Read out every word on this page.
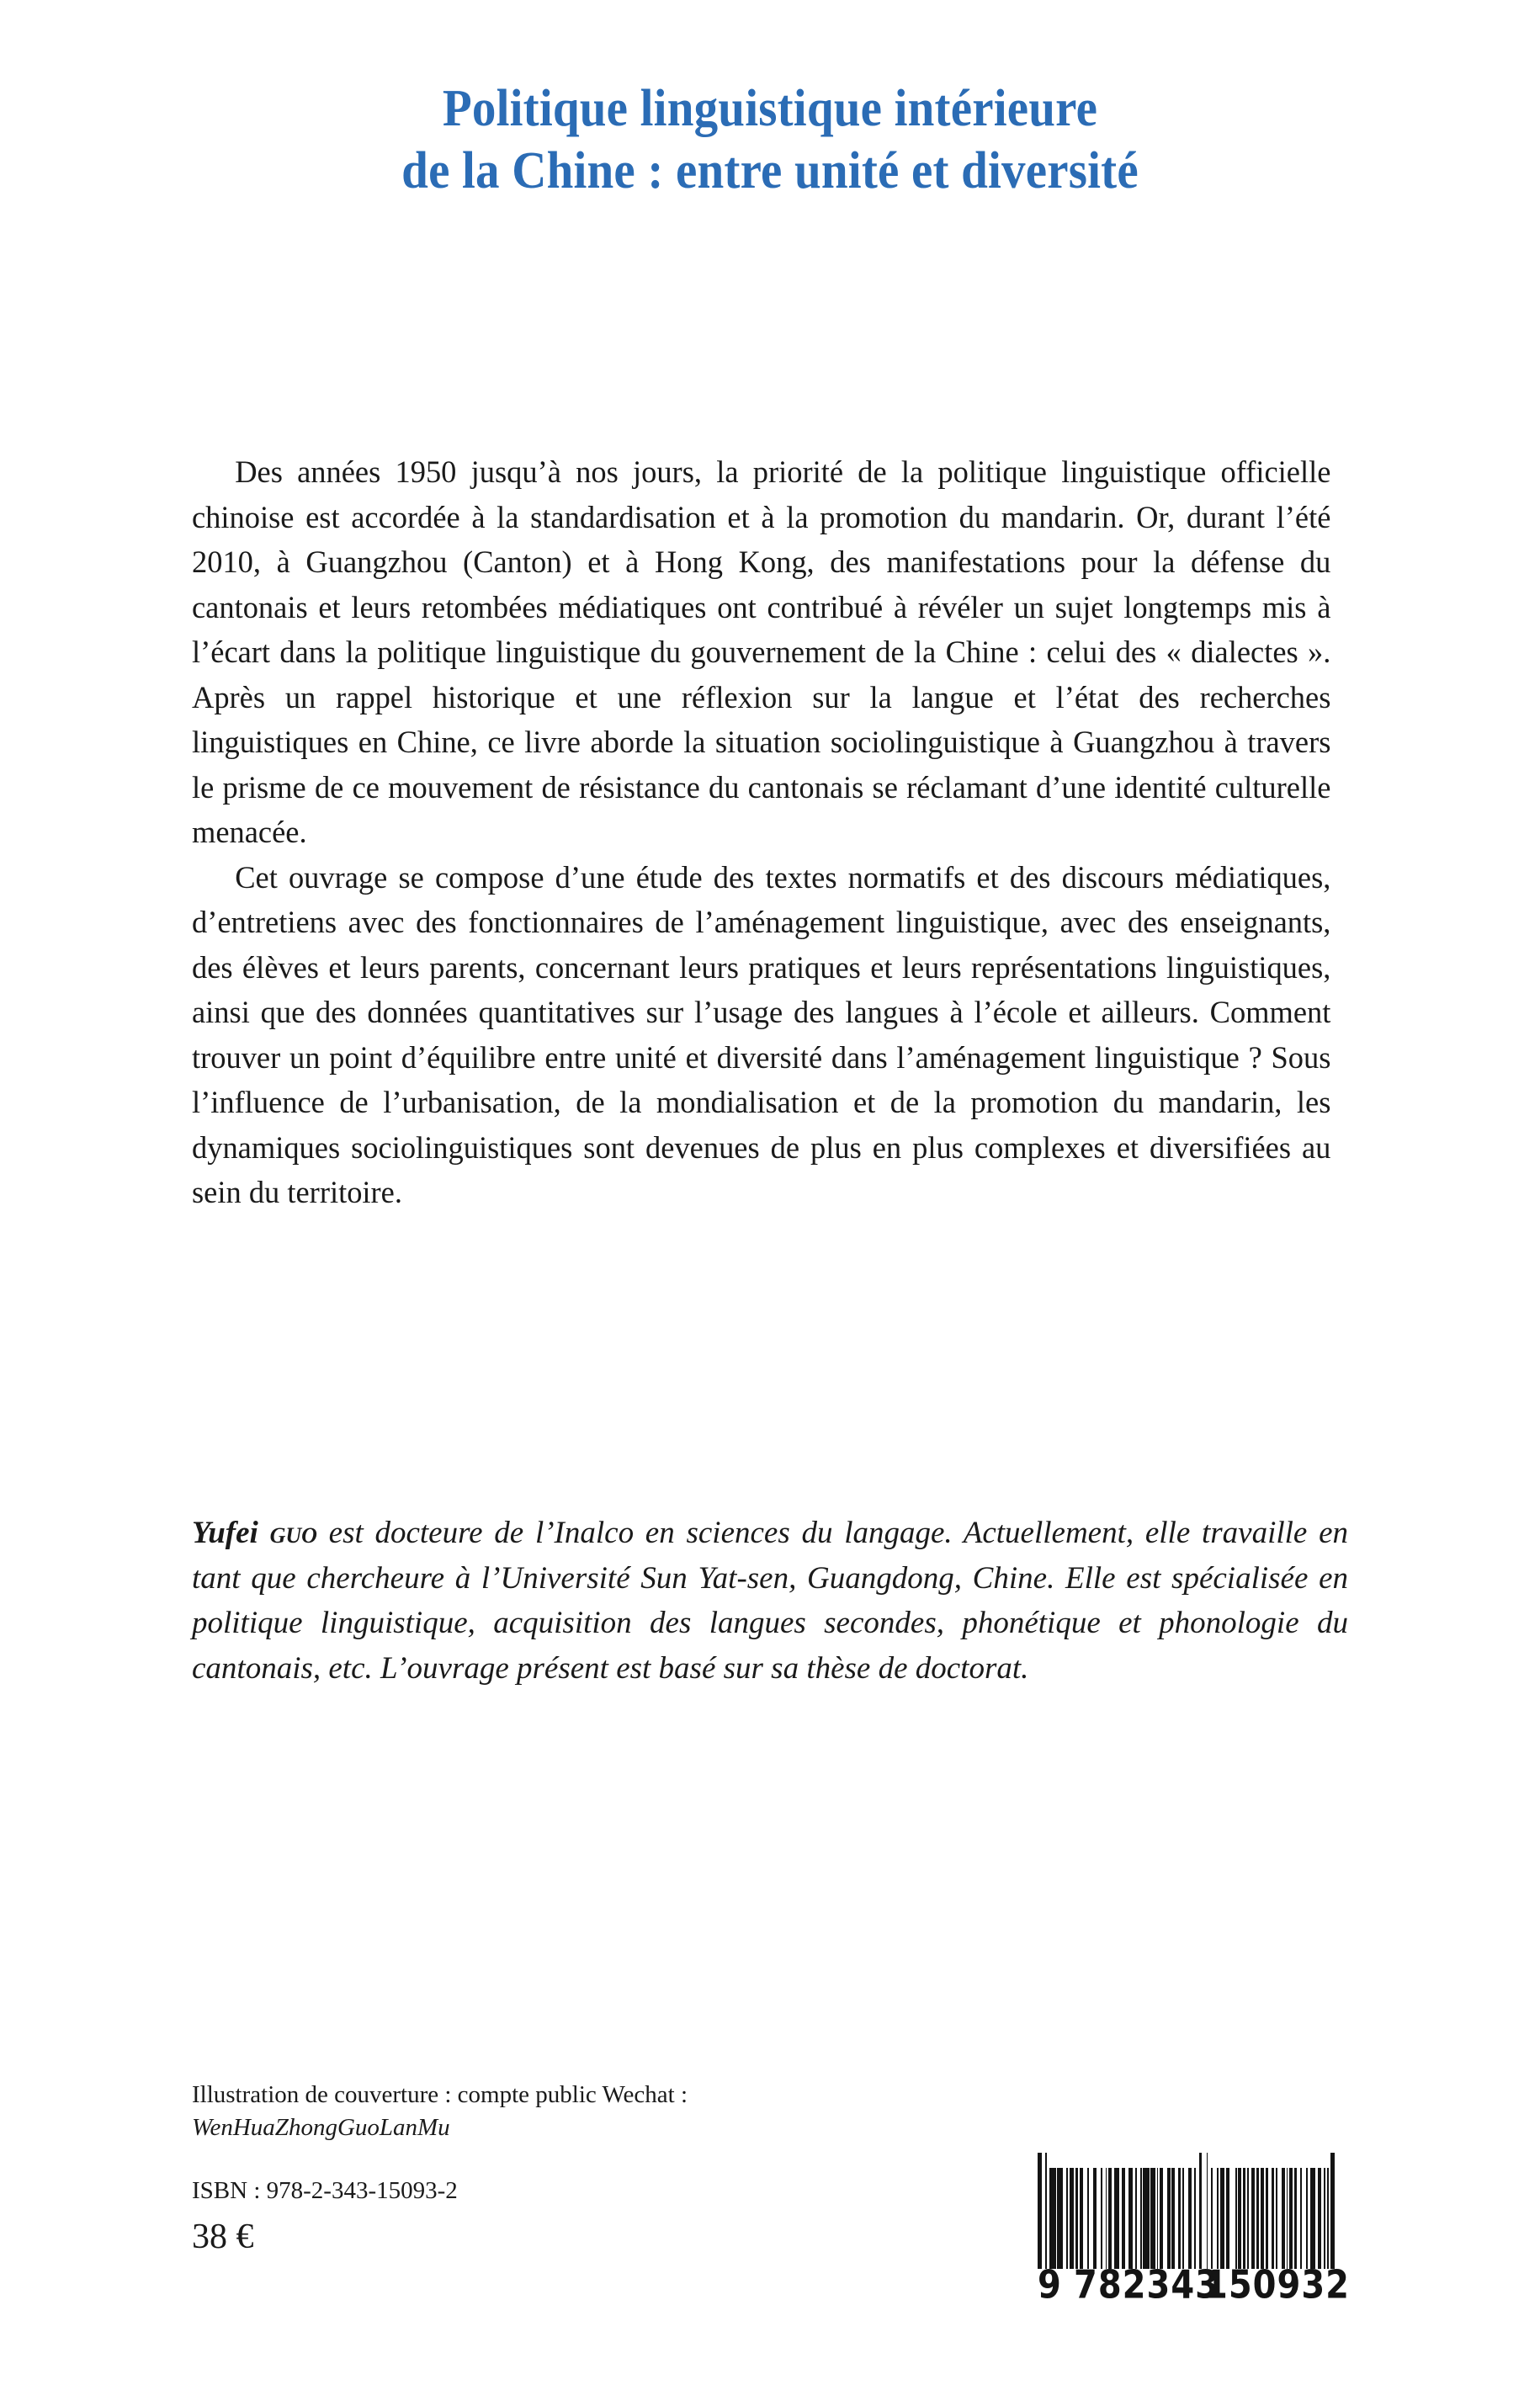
Politique linguistique intérieure
de la Chine : entre unité et diversité

Des années 1950 jusqu’à nos jours, la priorité de la politique linguistique officielle chinoise est accordée à la standardisation et à la promotion du mandarin. Or, durant l’été 2010, à Guangzhou (Canton) et à Hong Kong, des manifestations pour la défense du cantonais et leurs retombées médiatiques ont contribué à révéler un sujet longtemps mis à l’écart dans la politique linguistique du gouvernement de la Chine : celui des « dialectes ». Après un rappel historique et une réflexion sur la langue et l’état des recherches linguistiques en Chine, ce livre aborde la situation sociolinguistique à Guangzhou à travers le prisme de ce mouvement de résistance du cantonais se réclamant d’une identité culturelle menacée.

Cet ouvrage se compose d’une étude des textes normatifs et des discours médiatiques, d’entretiens avec des fonctionnaires de l’aménagement linguistique, avec des enseignants, des élèves et leurs parents, concernant leurs pratiques et leurs représentations linguistiques, ainsi que des données quantitatives sur l’usage des langues à l’école et ailleurs. Comment trouver un point d’équilibre entre unité et diversité dans l’aménagement linguistique ? Sous l’influence de l’urbanisation, de la mondialisation et de la promotion du mandarin, les dynamiques sociolinguistiques sont devenues de plus en plus complexes et diversifiées au sein du territoire.

Yufei guo est docteure de l’Inalco en sciences du langage. Actuellement, elle travaille en tant que chercheure à l’Université Sun Yat-sen, Guangdong, Chine. Elle est spécialisée en politique linguistique, acquisition des langues secondes, phonétique et phonologie du cantonais, etc. L’ouvrage présent est basé sur sa thèse de doctorat.

Illustration de couverture : compte public Wechat :

WenHuaZhongGuoLanMu

ISBN : 978-2-343-15093-2

38 €

9 782343
150932
